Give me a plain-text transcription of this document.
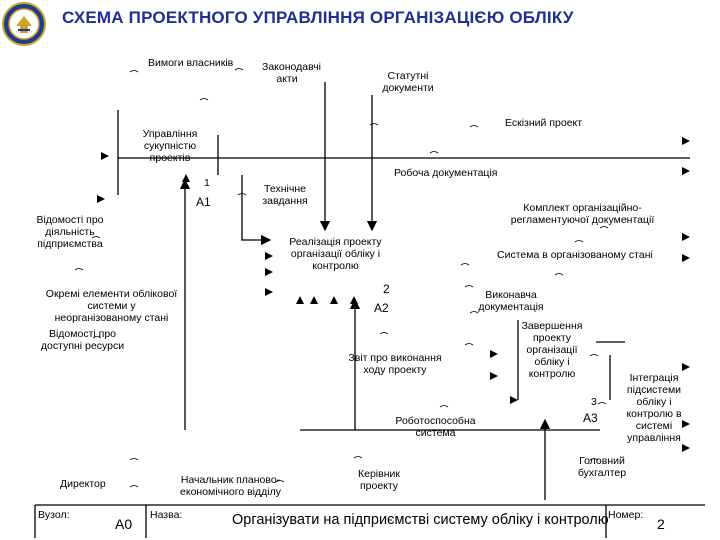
СХЕМА ПРОЕКТНОГО УПРАВЛІННЯ ОРГАНІЗАЦІЄЮ ОБЛІКУ
Вимоги власників	Законодавчі акти	Статутні документи
Відомості про діяльність підприємства
Окремі елементи облікової системи у неорганізованому стані
Відомості про доступні ресурси
Управління сукупністю проектів
1
A1
Реалізація проекту організації обліку і контролю
2
A2
Завершення проекту організації обліку і контролю
3
A3
Ескізний проект
Робоча документація
Технічне завдання
Комплект організаційно-регламентуючої документації
Система в організованому стані
Виконавча документація
Звіт про виконання ходу проекту
Роботоспособна система
Інтеграція підсистеми обліку і контролю в системі управління
Головний бухгалтер
Директор	Начальник планово-економічного відділу
Керівник проекту
Вузол:
А0
Назва:	Організувати на підприємстві систему обліку і контролю Номер:
2
